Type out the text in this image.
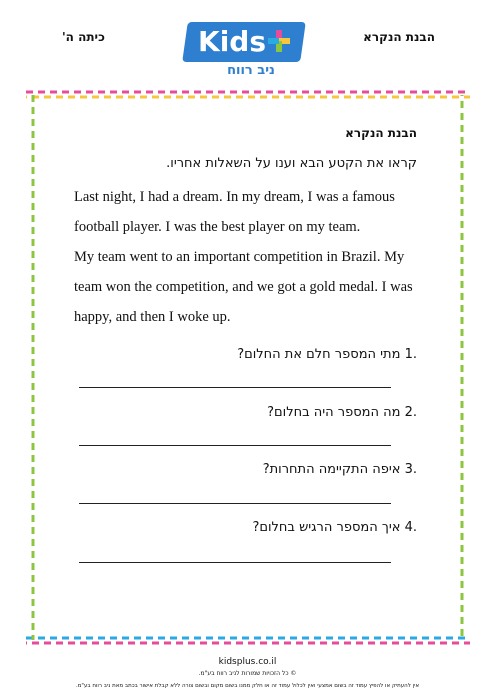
כיתה ה'	הבנת הנקרא
Kids
ניב רווח
הבנת הנקרא
קראו את הקטע הבא וענו על השאלות אחריו.

Last night, I had a dream. In my dream, I was a famous football player. I was the best player on my team.

My team went to an important competition in Brazil. My team won the competition, and we got a gold medal. I was happy, and then I woke up.

.1 מתי המספר חלם את החלום?
.2 מה המספר היה בחלום?
.3 איפה התקיימה התחרות?
.4 איך המספר הרגיש בחלום?
kidsplus.co.il
© כל הזכויות שמורות לניב רווח בע"מ.
אין להעתיק או להפיץ עמוד זה בשום אמצעי ואין לכלול עמוד זה או חלק ממנו בשום מקום ובשום צורה ללא קבלת אישור בכתב מאת ניב רווח בע"מ.
